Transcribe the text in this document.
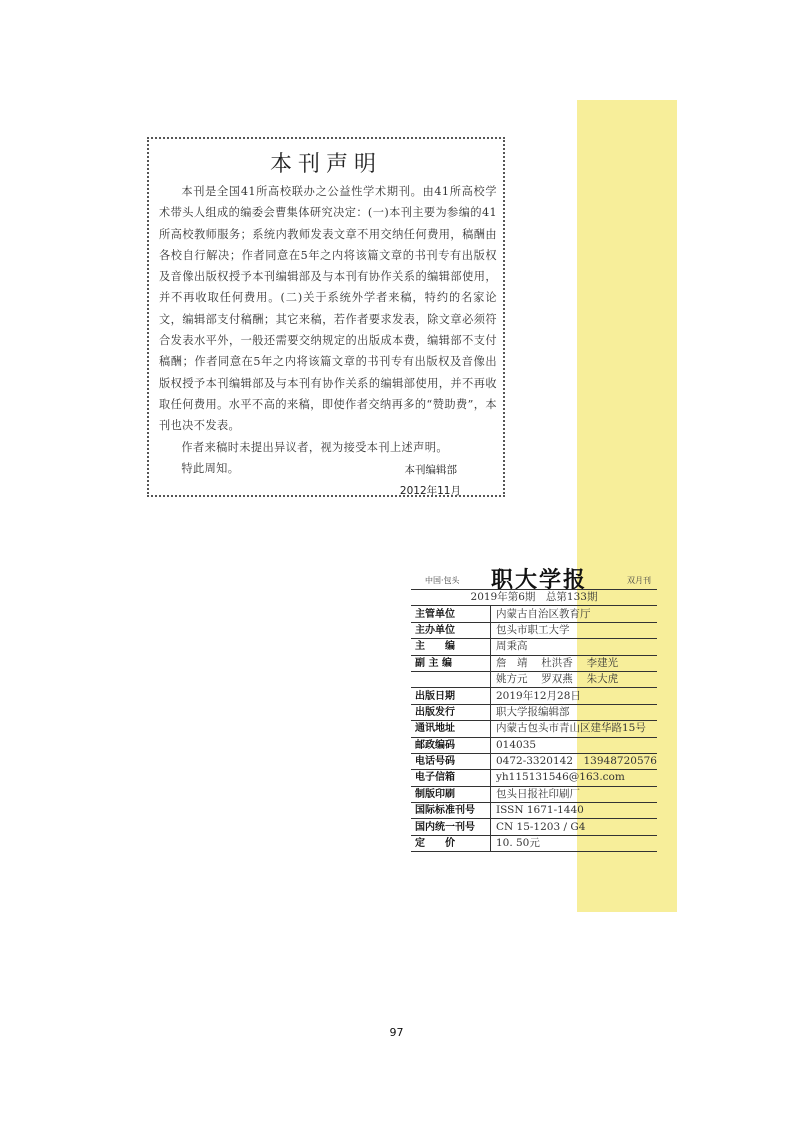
本刊声明

本刊是全国41所高校联办之公益性学术期刊。由41所高校学术带头人组成的编委会曹集体研究决定：(一)本刊主要为参编的41所高校教师服务；系统内教师发表文章不用交纳任何费用，稿酬由各校自行解决；作者同意在5年之内将该篇文章的书刊专有出版权及音像出版权授予本刊编辑部及与本刊有协作关系的编辑部使用，并不再收取任何费用。(二)关于系统外学者来稿，特约的名家论文，编辑部支付稿酬；其它来稿，若作者要求发表，除文章必须符合发表水平外，一般还需要交纳规定的出版成本费，编辑部不支付稿酬；作者同意在5年之内将该篇文章的书刊专有出版权及音像出版权授予本刊编辑部及与本刊有协作关系的编辑部使用，并不再收取任何费用。水平不高的来稿，即使作者交纳再多的“赞助费”，本刊也决不发表。

作者来稿时未提出异议者，视为接受本刊上述声明。

特此周知。	本刊编辑部
2012年11月
中国·包头 职大学报	双月刊
2019年第6期　总第133期	
主管单位	内蒙古自治区教育厅
主办单位	包头市职工大学
主　　编	周秉高
副 主 编	詹　靖　 杜洪香　 李建光
	姚方元　 罗双燕　 朱大虎
出版日期	2019年12月28日
出版发行	职大学报编辑部
通讯地址	内蒙古包头市青山区建华路15号
邮政编码	014035
电话号码	0472-3320142　13948720576
电子信箱	yh115131546@163.com
制版印刷	包头日报社印刷厂
国际标准刊号	ISSN 1671-1440
国内统一刊号	CN 15-1203 / G4
定　　价	10. 50元
97
